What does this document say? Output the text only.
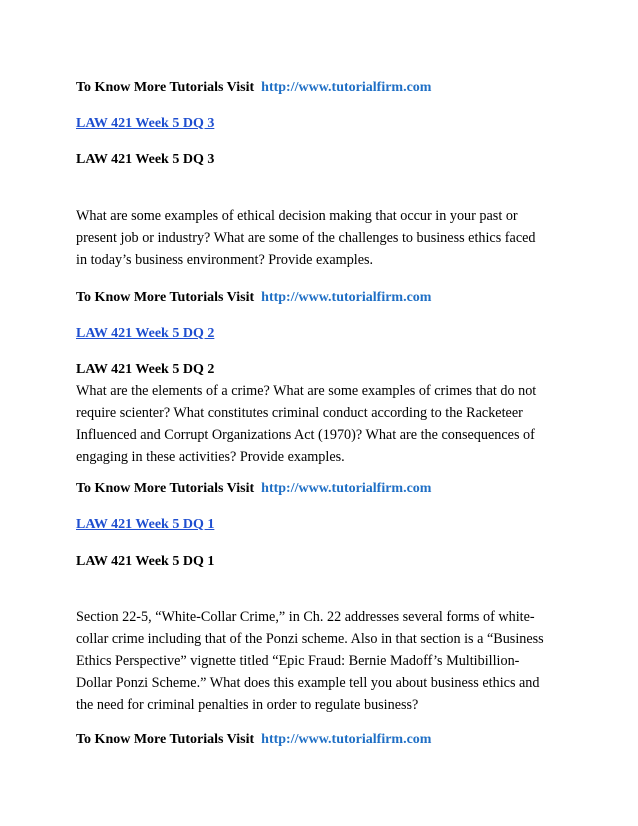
To Know More Tutorials Visit http://www.tutorialfirm.com
LAW 421 Week 5 DQ 3
LAW 421 Week 5 DQ 3
What are some examples of ethical decision making that occur in your past or
present job or industry? What are some of the challenges to business ethics faced
in today’s business environment? Provide examples.
To Know More Tutorials Visit http://www.tutorialfirm.com
LAW 421 Week 5 DQ 2
LAW 421 Week 5 DQ 2
What are the elements of a crime? What are some examples of crimes that do not
require scienter? What constitutes criminal conduct according to the Racketeer
Influenced and Corrupt Organizations Act (1970)? What are the consequences of
engaging in these activities? Provide examples.
To Know More Tutorials Visit http://www.tutorialfirm.com
LAW 421 Week 5 DQ 1
LAW 421 Week 5 DQ 1
Section 22-5, “White-Collar Crime,” in Ch. 22 addresses several forms of white-
collar crime including that of the Ponzi scheme. Also in that section is a “Business
Ethics Perspective” vignette titled “Epic Fraud: Bernie Madoff’s Multibillion-
Dollar Ponzi Scheme.” What does this example tell you about business ethics and
the need for criminal penalties in order to regulate business?
To Know More Tutorials Visit http://www.tutorialfirm.com
